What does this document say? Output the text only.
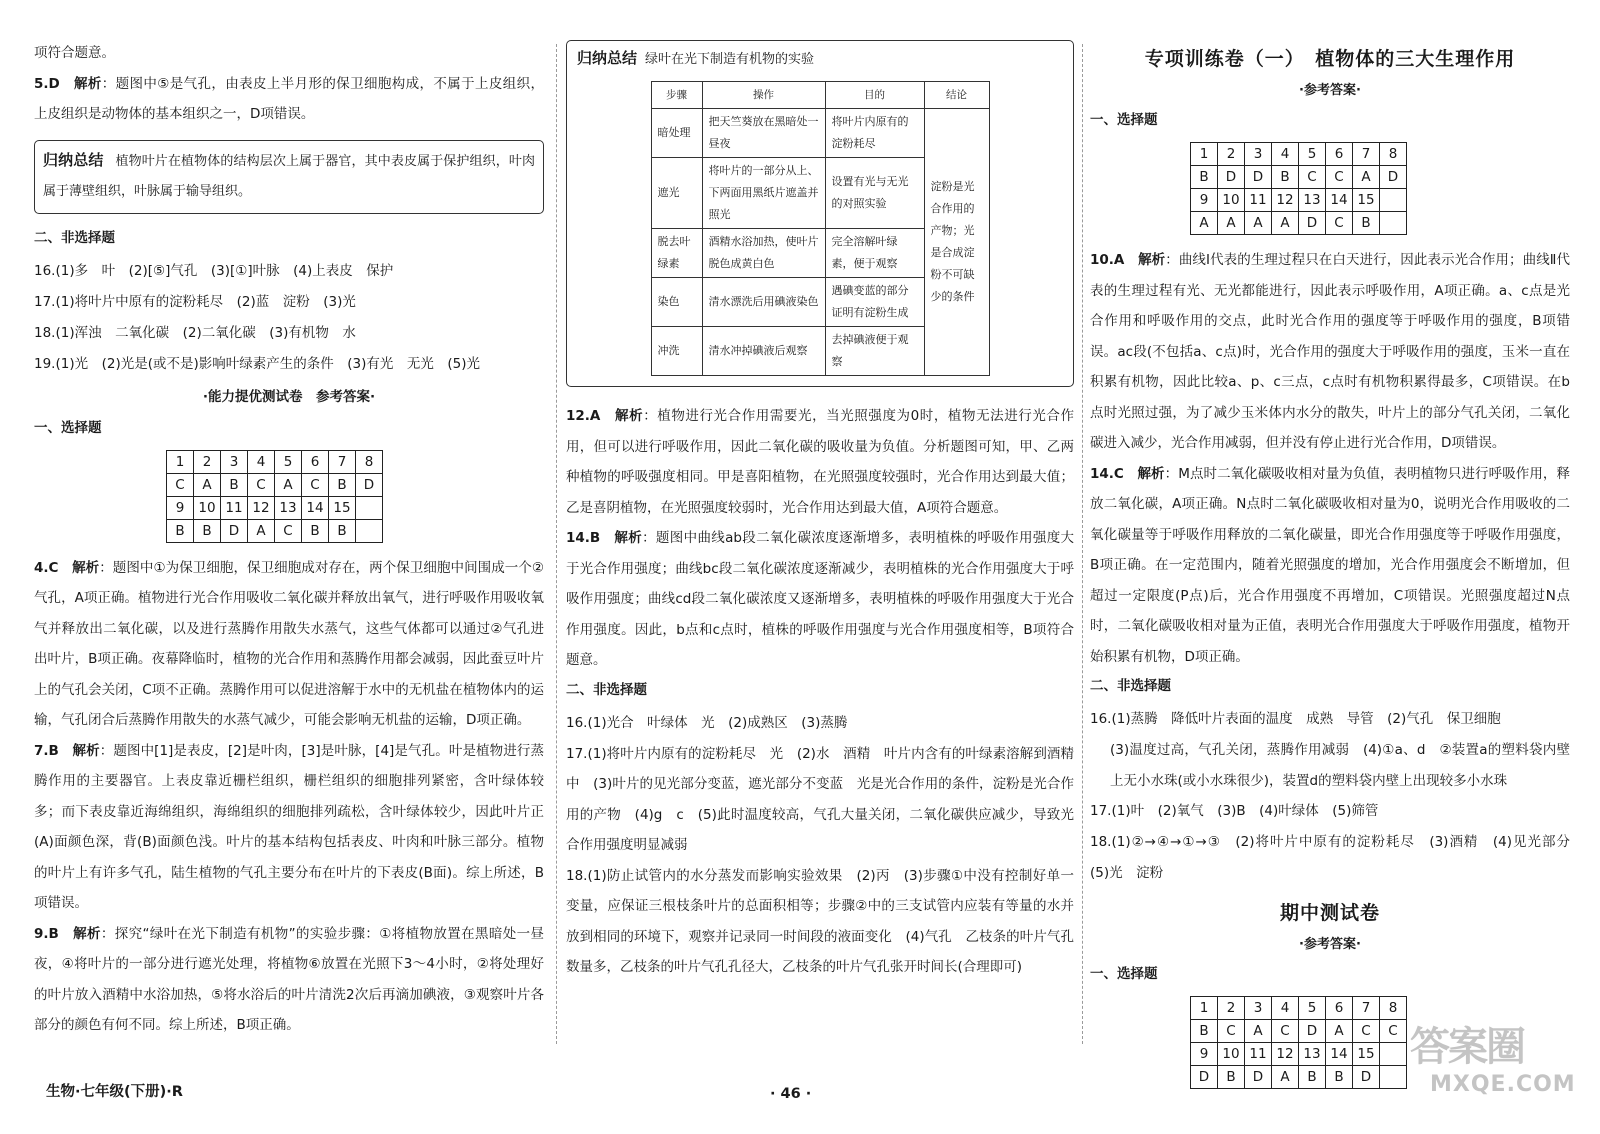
项符合题意。

5.D　 解析：题图中⑤是气孔，由表皮上半月形的保卫细胞构成，不属于上皮组织，上皮组织是动物体的基本组织之一，D项错误。

归纳总结 植物叶片在植物体的结构层次上属于器官，其中表皮属于保护组织，叶肉属于薄壁组织，叶脉属于输导组织。

二、非选择题

16.(1)多　叶　(2)[⑤]气孔　(3)[①]叶脉　(4)上表皮　保护

17.(1)将叶片中原有的淀粉耗尽　(2)蓝　淀粉　(3)光

18.(1)浑浊　二氧化碳　(2)二氧化碳　(3)有机物　水

19.(1)光　(2)光是(或不是)影响叶绿素产生的条件　(3)有光　无光　(5)光

·能力提优测试卷　参考答案·
一、选择题
1	2	3	4	5	6	7	8
C	A	B	C	A	C	B	D
9	10	11	12	13	14	15	
B	B	D	A	C	B	B	

4.C　 解析：题图中①为保卫细胞，保卫细胞成对存在，两个保卫细胞中间围成一个②气孔，A项正确。植物进行光合作用吸收二氧化碳并释放出氧气，进行呼吸作用吸收氧气并释放出二氧化碳，以及进行蒸腾作用散失水蒸气，这些气体都可以通过②气孔进出叶片，B项正确。夜幕降临时，植物的光合作用和蒸腾作用都会减弱，因此蚕豆叶片上的气孔会关闭，C项不正确。蒸腾作用可以促进溶解于水中的无机盐在植物体内的运输，气孔闭合后蒸腾作用散失的水蒸气减少，可能会影响无机盐的运输，D项正确。

7.B　 解析：题图中[1]是表皮，[2]是叶肉，[3]是叶脉，[4]是气孔。叶是植物进行蒸腾作用的主要器官。上表皮靠近栅栏组织，栅栏组织的细胞排列紧密，含叶绿体较多；而下表皮靠近海绵组织，海绵组织的细胞排列疏松，含叶绿体较少，因此叶片正(A)面颜色深，背(B)面颜色浅。叶片的基本结构包括表皮、叶肉和叶脉三部分。植物的叶片上有许多气孔，陆生植物的气孔主要分布在叶片的下表皮(B面)。综上所述，B项错误。

9.B　 解析：探究“绿叶在光下制造有机物”的实验步骤：①将植物放置在黑暗处一昼夜，④将叶片的一部分进行遮光处理，将植物⑥放置在光照下3～4小时，②将处理好的叶片放入酒精中水浴加热，⑤将水浴后的叶片清洗2次后再滴加碘液，③观察叶片各部分的颜色有何不同。综上所述，B项正确。

归纳总结 绿叶在光下制造有机物的实验
步骤	操作	目的	结论
暗处理	把天竺葵放在黑暗处一昼夜	将叶片内原有的淀粉耗尽	淀粉是光合作用的产物；光是合成淀粉不可缺少的条件
遮光	将叶片的一部分从上、下两面用黑纸片遮盖并照光	设置有光与无光的对照实验	
脱去叶绿素	酒精水浴加热，使叶片脱色成黄白色	完全溶解叶绿素，便于观察	
染色	清水漂洗后用碘液染色	遇碘变蓝的部分证明有淀粉生成	
冲洗	清水冲掉碘液后观察	去掉碘液便于观察	

12.A　 解析：植物进行光合作用需要光，当光照强度为0时，植物无法进行光合作用，但可以进行呼吸作用，因此二氧化碳的吸收量为负值。分析题图可知，甲、乙两种植物的呼吸强度相同。甲是喜阳植物，在光照强度较强时，光合作用达到最大值；乙是喜阴植物，在光照强度较弱时，光合作用达到最大值，A项符合题意。

14.B　 解析：题图中曲线ab段二氧化碳浓度逐渐增多，表明植株的呼吸作用强度大于光合作用强度；曲线bc段二氧化碳浓度逐渐减少，表明植株的光合作用强度大于呼吸作用强度；曲线cd段二氧化碳浓度又逐渐增多，表明植株的呼吸作用强度大于光合作用强度。因此，b点和c点时，植株的呼吸作用强度与光合作用强度相等，B项符合题意。

二、非选择题

16.(1)光合　叶绿体　光　(2)成熟区　(3)蒸腾

17.(1)将叶片内原有的淀粉耗尽　光　(2)水　酒精　叶片内含有的叶绿素溶解到酒精中　(3)叶片的见光部分变蓝，遮光部分不变蓝　光是光合作用的条件，淀粉是光合作用的产物　(4)g　c　(5)此时温度较高，气孔大量关闭，二氧化碳供应减少，导致光合作用强度明显减弱

18.(1)防止试管内的水分蒸发而影响实验效果　(2)丙　(3)步骤①中没有控制好单一变量，应保证三根枝条叶片的总面积相等；步骤②中的三支试管内应装有等量的水并放到相同的环境下，观察并记录同一时间段的液面变化　(4)气孔　乙枝条的叶片气孔数量多，乙枝条的叶片气孔孔径大，乙枝条的叶片气孔张开时间长(合理即可)

专项训练卷（一）　植物体的三大生理作用
·参考答案·
一、选择题
1	2	3	4	5	6	7	8
B	D	D	B	C	C	A	D
9	10	11	12	13	14	15	
A	A	A	A	D	C	B	

10.A　 解析：曲线Ⅰ代表的生理过程只在白天进行，因此表示光合作用；曲线Ⅱ代表的生理过程有光、无光都能进行，因此表示呼吸作用，A项正确。a、c点是光合作用和呼吸作用的交点，此时光合作用的强度等于呼吸作用的强度，B项错误。ac段(不包括a、c点)时，光合作用的强度大于呼吸作用的强度，玉米一直在积累有机物，因此比较a、p、c三点，c点时有机物积累得最多，C项错误。在b点时光照过强，为了减少玉米体内水分的散失，叶片上的部分气孔关闭，二氧化碳进入减少，光合作用减弱，但并没有停止进行光合作用，D项错误。

14.C　 解析：M点时二氧化碳吸收相对量为负值，表明植物只进行呼吸作用，释放二氧化碳，A项正确。N点时二氧化碳吸收相对量为0，说明光合作用吸收的二氧化碳量等于呼吸作用释放的二氧化碳量，即光合作用强度等于呼吸作用强度，B项正确。在一定范围内，随着光照强度的增加，光合作用强度会不断增加，但超过一定限度(P点)后，光合作用强度不再增加，C项错误。光照强度超过N点时，二氧化碳吸收相对量为正值，表明光合作用强度大于呼吸作用强度，植物开始积累有机物，D项正确。

二、非选择题

16.(1)蒸腾　降低叶片表面的温度　成熟　导管　(2)气孔　保卫细胞

(3)温度过高，气孔关闭，蒸腾作用减弱　(4)①a、d　②装置a的塑料袋内壁上无小水珠(或小水珠很少)，装置d的塑料袋内壁上出现较多小水珠

17.(1)叶　(2)氧气　(3)B　(4)叶绿体　(5)筛管

18.(1)②→④→①→③　(2)将叶片中原有的淀粉耗尽　(3)酒精　(4)见光部分　(5)光　淀粉

期中测试卷
·参考答案·
一、选择题
1	2	3	4	5	6	7	8
B	C	A	C	D	A	C	C
9	10	11	12	13	14	15	
D	B	D	A	B	B	D	
生物·七年级(下册)·R	· 46 ·
答案圈
MXQE.COM
